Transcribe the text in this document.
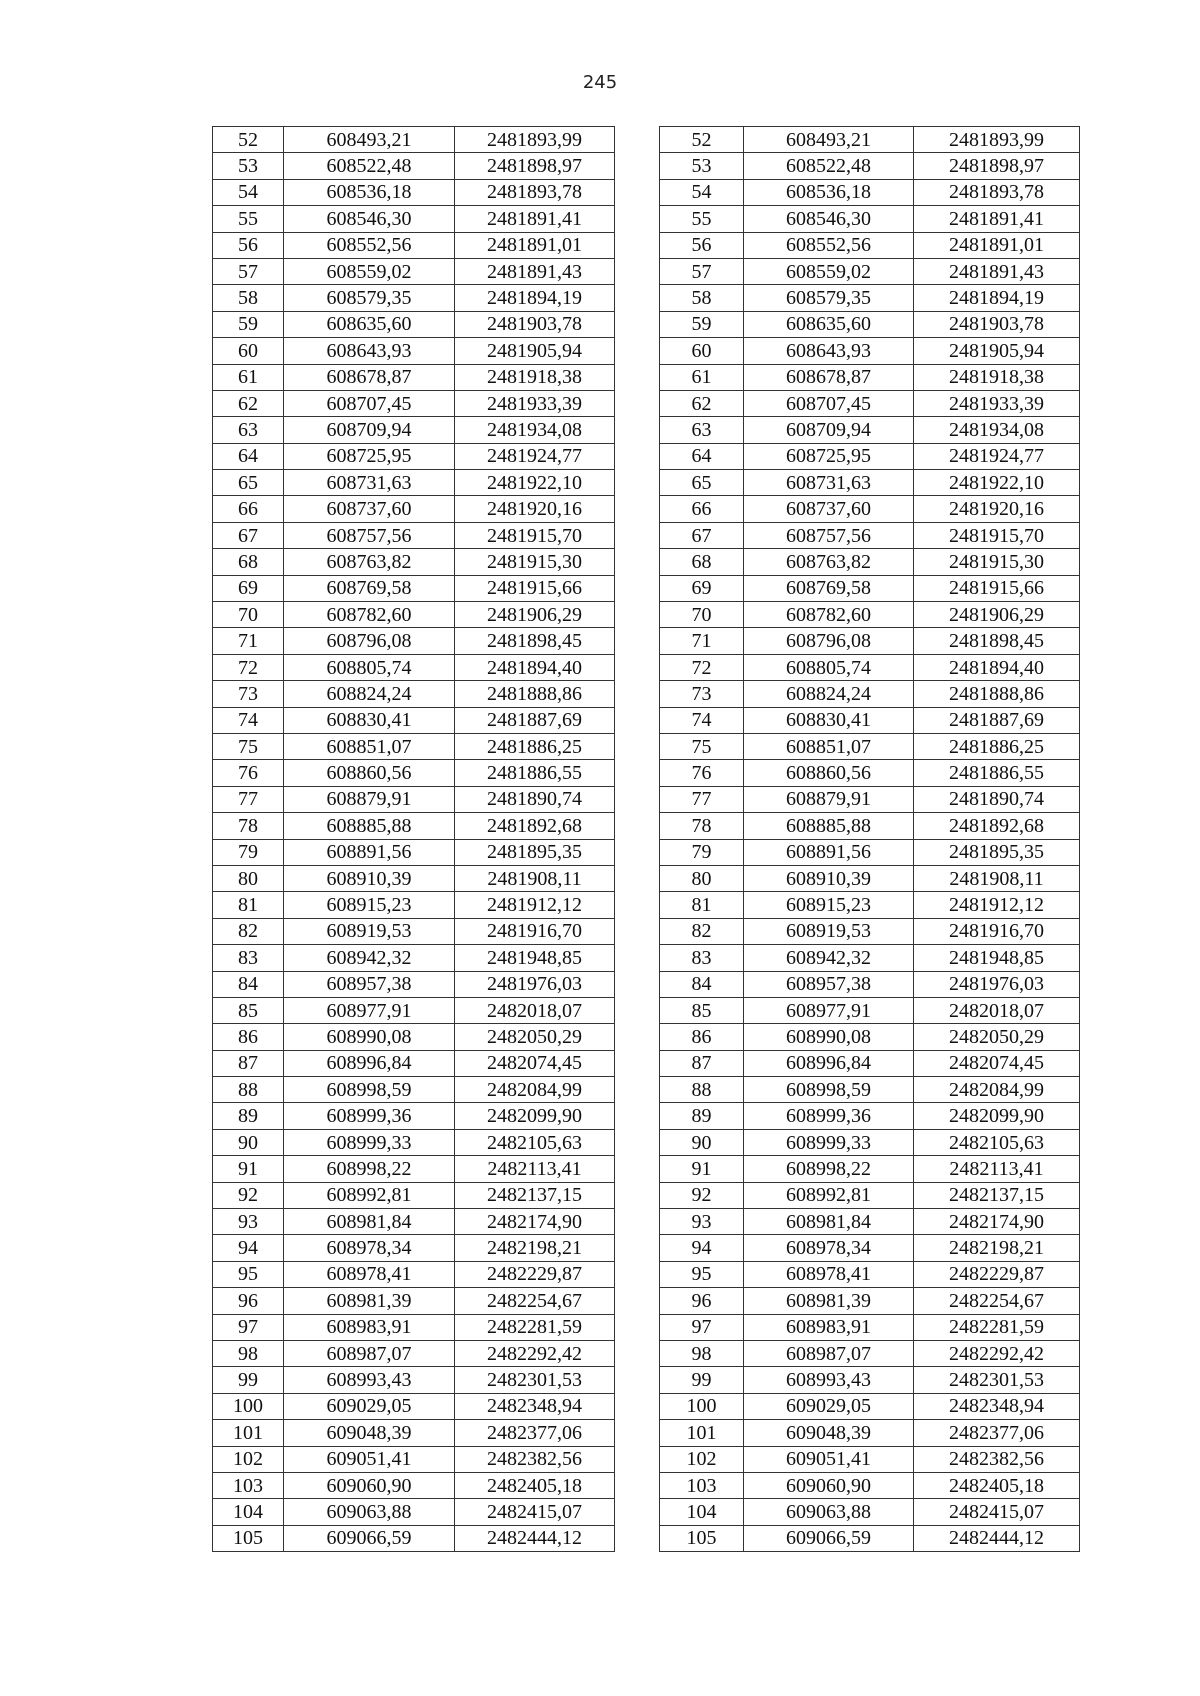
245
52	608493,21	2481893,99		52	608493,21	2481893,99
53	608522,48	2481898,97		53	608522,48	2481898,97
54	608536,18	2481893,78		54	608536,18	2481893,78
55	608546,30	2481891,41		55	608546,30	2481891,41
56	608552,56	2481891,01		56	608552,56	2481891,01
57	608559,02	2481891,43		57	608559,02	2481891,43
58	608579,35	2481894,19		58	608579,35	2481894,19
59	608635,60	2481903,78		59	608635,60	2481903,78
60	608643,93	2481905,94		60	608643,93	2481905,94
61	608678,87	2481918,38		61	608678,87	2481918,38
62	608707,45	2481933,39		62	608707,45	2481933,39
63	608709,94	2481934,08		63	608709,94	2481934,08
64	608725,95	2481924,77		64	608725,95	2481924,77
65	608731,63	2481922,10		65	608731,63	2481922,10
66	608737,60	2481920,16		66	608737,60	2481920,16
67	608757,56	2481915,70		67	608757,56	2481915,70
68	608763,82	2481915,30		68	608763,82	2481915,30
69	608769,58	2481915,66		69	608769,58	2481915,66
70	608782,60	2481906,29		70	608782,60	2481906,29
71	608796,08	2481898,45		71	608796,08	2481898,45
72	608805,74	2481894,40		72	608805,74	2481894,40
73	608824,24	2481888,86		73	608824,24	2481888,86
74	608830,41	2481887,69		74	608830,41	2481887,69
75	608851,07	2481886,25		75	608851,07	2481886,25
76	608860,56	2481886,55		76	608860,56	2481886,55
77	608879,91	2481890,74		77	608879,91	2481890,74
78	608885,88	2481892,68		78	608885,88	2481892,68
79	608891,56	2481895,35		79	608891,56	2481895,35
80	608910,39	2481908,11		80	608910,39	2481908,11
81	608915,23	2481912,12		81	608915,23	2481912,12
82	608919,53	2481916,70		82	608919,53	2481916,70
83	608942,32	2481948,85		83	608942,32	2481948,85
84	608957,38	2481976,03		84	608957,38	2481976,03
85	608977,91	2482018,07		85	608977,91	2482018,07
86	608990,08	2482050,29		86	608990,08	2482050,29
87	608996,84	2482074,45		87	608996,84	2482074,45
88	608998,59	2482084,99		88	608998,59	2482084,99
89	608999,36	2482099,90		89	608999,36	2482099,90
90	608999,33	2482105,63		90	608999,33	2482105,63
91	608998,22	2482113,41		91	608998,22	2482113,41
92	608992,81	2482137,15		92	608992,81	2482137,15
93	608981,84	2482174,90		93	608981,84	2482174,90
94	608978,34	2482198,21		94	608978,34	2482198,21
95	608978,41	2482229,87		95	608978,41	2482229,87
96	608981,39	2482254,67		96	608981,39	2482254,67
97	608983,91	2482281,59		97	608983,91	2482281,59
98	608987,07	2482292,42		98	608987,07	2482292,42
99	608993,43	2482301,53		99	608993,43	2482301,53
100	609029,05	2482348,94		100	609029,05	2482348,94
101	609048,39	2482377,06		101	609048,39	2482377,06
102	609051,41	2482382,56		102	609051,41	2482382,56
103	609060,90	2482405,18		103	609060,90	2482405,18
104	609063,88	2482415,07		104	609063,88	2482415,07
105	609066,59	2482444,12		105	609066,59	2482444,12
